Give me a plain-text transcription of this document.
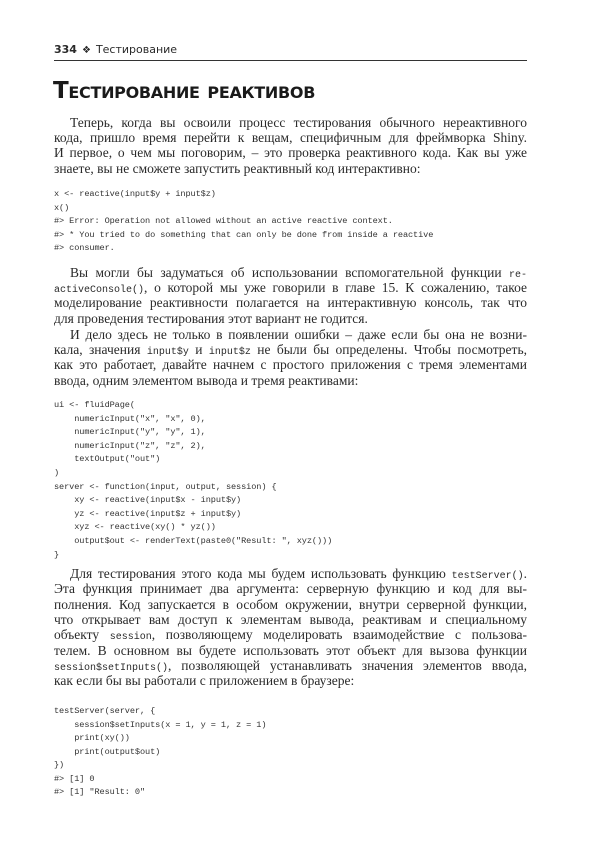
334 ❖ Тестирование
Тестирование реактивов
Теперь, когда вы освоили процесс тестирования обычного нереактивного
кода, пришло время перейти к вещам, специфичным для фреймворка Shiny.
И первое, о чем мы поговорим, – это проверка реактивного кода. Как вы уже
знаете, вы не сможете запустить реактивный код интерактивно:
x <- reactive(input$y + input$z)
x()
#> Error: Operation not allowed without an active reactive context.
#> * You tried to do something that can only be done from inside a reactive
#> consumer.
Вы могли бы задуматься об использовании вспомогательной функции re-
activeConsole(), о которой мы уже говорили в главе 15. К сожалению, такое
моделирование реактивности полагается на интерактивную консоль, так что
для проведения тестирования этот вариант не годится.
И дело здесь не только в появлении ошибки – даже если бы она не возни-
кала, значения input$y и input$z не были бы определены. Чтобы посмотреть,
как это работает, давайте начнем с простого приложения с тремя элементами
ввода, одним элементом вывода и тремя реактивами:
ui <- fluidPage(
numericInput("x", "x", 0),
numericInput("y", "y", 1),
numericInput("z", "z", 2),
textOutput("out")
)
server <- function(input, output, session) {
xy <- reactive(input$x - input$y)
yz <- reactive(input$z + input$y)
xyz <- reactive(xy() * yz())
output$out <- renderText(paste0("Result: ", xyz()))
}
Для тестирования этого кода мы будем использовать функцию testServer().
Эта функция принимает два аргумента: серверную функцию и код для вы-
полнения. Код запускается в особом окружении, внутри серверной функции,
что открывает вам доступ к элементам вывода, реактивам и специальному
объекту session, позволяющему моделировать взаимодействие с пользова-
телем. В основном вы будете использовать этот объект для вызова функции
session$setInputs(), позволяющей устанавливать значения элементов ввода,
как если бы вы работали с приложением в браузере:
testServer(server, {
session$setInputs(x = 1, y = 1, z = 1)
print(xy())
print(output$out)
})
#> [1] 0
#> [1] "Result: 0"
